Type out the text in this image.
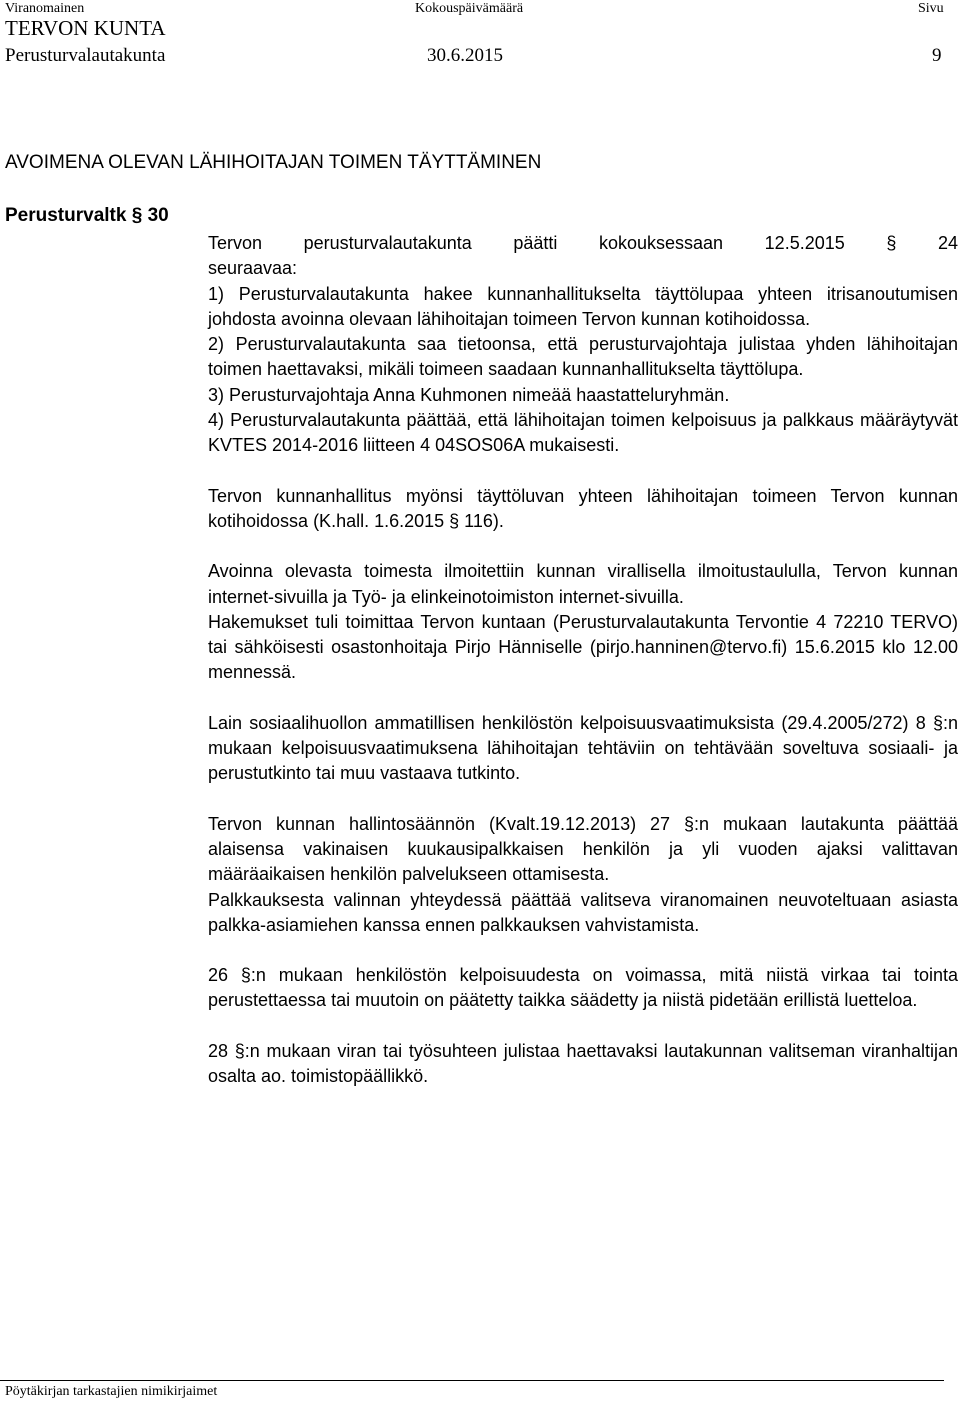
Viranomainen	Kokouspäivämäärä	Sivu
TERVON KUNTA
Perusturvalautakunta	30.6.2015	9
AVOIMENA OLEVAN LÄHIHOITAJAN TOIMEN TÄYTTÄMINEN
Perusturvaltk § 30

Tervon perusturvalautakunta päätti kokouksessaan 12.5.2015 § 24
seuraavaa:

1) Perusturvalautakunta hakee kunnanhallitukselta täyttölupaa yhteen itrisanoutumisen johdosta avoinna olevaan lähihoitajan toimeen Tervon kunnan kotihoidossa.

2) Perusturvalautakunta saa tietoonsa, että perusturvajohtaja julistaa yhden lähihoitajan toimen haettavaksi, mikäli toimeen saadaan kunnanhallitukselta täyttölupa.

3) Perusturvajohtaja Anna Kuhmonen nimeää haastatteluryhmän.

4) Perusturvalautakunta päättää, että lähihoitajan toimen kelpoisuus ja palkkaus määräytyvät KVTES 2014-2016 liitteen 4 04SOS06A mukaisesti.

Tervon kunnanhallitus myönsi täyttöluvan yhteen lähihoitajan toimeen Tervon kunnan kotihoidossa (K.hall. 1.6.2015 § 116).

Avoinna olevasta toimesta ilmoitettiin kunnan virallisella ilmoitustaululla, Tervon kunnan internet-sivuilla ja Työ- ja elinkeinotoimiston internet-sivuilla.

Hakemukset tuli toimittaa Tervon kuntaan (Perusturvalautakunta Tervontie 4 72210 TERVO) tai sähköisesti osastonhoitaja Pirjo Hänniselle (pirjo.hanninen@tervo.fi) 15.6.2015 klo 12.00 mennessä.

Lain sosiaalihuollon ammatillisen henkilöstön kelpoisuusvaatimuksista (29.4.2005/272) 8 §:n mukaan kelpoisuusvaatimuksena lähihoitajan tehtäviin on tehtävään soveltuva sosiaali- ja perustutkinto tai muu vastaava tutkinto.

Tervon kunnan hallintosäännön (Kvalt.19.12.2013) 27 §:n mukaan lautakunta päättää alaisensa vakinaisen kuukausipalkkaisen henkilön ja yli vuoden ajaksi valittavan määräaikaisen henkilön palvelukseen ottamisesta.

Palkkauksesta valinnan yhteydessä päättää valitseva viranomainen neuvoteltuaan asiasta palkka-asiamiehen kanssa ennen palkkauksen vahvistamista.

26 §:n mukaan henkilöstön kelpoisuudesta on voimassa, mitä niistä virkaa tai tointa perustettaessa tai muutoin on päätetty taikka säädetty ja niistä pidetään erillistä luetteloa.

28 §:n mukaan viran tai työsuhteen julistaa haettavaksi lautakunnan valitseman viranhaltijan osalta ao. toimistopäällikkö.

Pöytäkirjan tarkastajien nimikirjaimet
